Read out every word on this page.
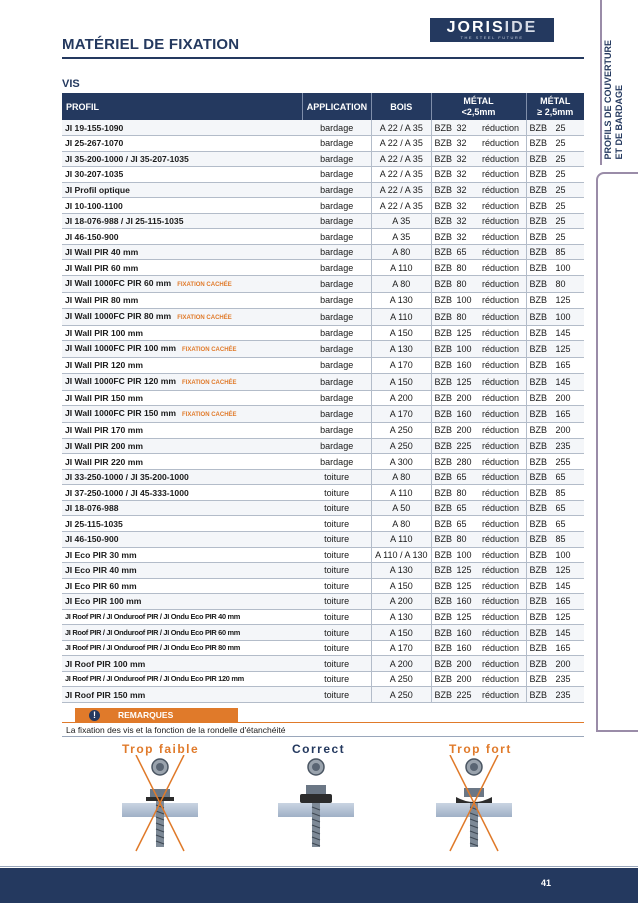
PROFILS DE COUVERTURE
ET DE BARDAGE
JORISIDE
THE STEEL FUTURE
MATÉRIEL DE FIXATION
VIS
PROFIL	APPLICATION	BOIS	MÉTAL
<2,5mm	MÉTAL
≥ 2,5mm
JI 19-155-1090	bardage	A 22 / A 35	BZB 32 réduction	BZB 25

JI 25-267-1070	bardage	A 22 / A 35	BZB 32 réduction	BZB 25

JI 35-200-1000 / JI 35-207-1035	bardage	A 22 / A 35	BZB 32 réduction	BZB 25

JI 30-207-1035	bardage	A 22 / A 35	BZB 32 réduction	BZB 25

JI Profil optique	bardage	A 22 / A 35	BZB 32 réduction	BZB 25

JI 10-100-1100	bardage	A 22 / A 35	BZB 32 réduction	BZB 25

JI 18-076-988 / JI 25-115-1035	bardage	A 35	BZB 32 réduction	BZB 25

JI 46-150-900	bardage	A 35	BZB 32 réduction	BZB 25

JI Wall PIR 40 mm	bardage	A 80	BZB 65 réduction	BZB 85

JI Wall PIR 60 mm	bardage	A 110	BZB 80 réduction	BZB 100

JI Wall 1000FC PIR 60 mm FIXATION CACHÉE	bardage	A 80	BZB 80 réduction	BZB 80

JI Wall PIR 80 mm	bardage	A 130	BZB 100 réduction	BZB 125

JI Wall 1000FC PIR 80 mm FIXATION CACHÉE	bardage	A 110	BZB 80 réduction	BZB 100

JI Wall PIR 100 mm	bardage	A 150	BZB 125 réduction	BZB 145

JI Wall 1000FC PIR 100 mm FIXATION CACHÉE	bardage	A 130	BZB 100 réduction	BZB 125

JI Wall PIR 120 mm	bardage	A 170	BZB 160 réduction	BZB 165

JI Wall 1000FC PIR 120 mm FIXATION CACHÉE	bardage	A 150	BZB 125 réduction	BZB 145

JI Wall PIR 150 mm	bardage	A 200	BZB 200 réduction	BZB 200

JI Wall 1000FC PIR 150 mm FIXATION CACHÉE	bardage	A 170	BZB 160 réduction	BZB 165

JI Wall PIR 170 mm	bardage	A 250	BZB 200 réduction	BZB 200

JI Wall PIR 200 mm	bardage	A 250	BZB 225 réduction	BZB 235

JI Wall PIR 220 mm	bardage	A 300	BZB 280 réduction	BZB 255

JI 33-250-1000 / JI 35-200-1000	toiture	A 80	BZB 65 réduction	BZB 65

JI 37-250-1000 / JI 45-333-1000	toiture	A 110	BZB 80 réduction	BZB 85

JI 18-076-988	toiture	A 50	BZB 65 réduction	BZB 65

JI 25-115-1035	toiture	A 80	BZB 65 réduction	BZB 65

JI 46-150-900	toiture	A 110	BZB 80 réduction	BZB 85

JI Eco PIR 30 mm	toiture	A 110 / A 130	BZB 100 réduction	BZB 100

JI Eco PIR 40 mm	toiture	A 130	BZB 125 réduction	BZB 125

JI Eco PIR 60 mm	toiture	A 150	BZB 125 réduction	BZB 145

JI Eco PIR 100 mm	toiture	A 200	BZB 160 réduction	BZB 165

JI Roof PIR / JI Onduroof PIR / JI Ondu Eco PIR 40 mm	toiture	A 130	BZB 125 réduction	BZB 125

JI Roof PIR / JI Onduroof PIR / JI Ondu Eco PIR 60 mm	toiture	A 150	BZB 160 réduction	BZB 145

JI Roof PIR / JI Onduroof PIR / JI Ondu Eco PIR 80 mm	toiture	A 170	BZB 160 réduction	BZB 165

JI Roof PIR 100 mm	toiture	A 200	BZB 200 réduction	BZB 200

JI Roof PIR / JI Onduroof PIR / JI Ondu Eco PIR 120 mm	toiture	A 250	BZB 200 réduction	BZB 235

JI Roof PIR 150 mm	toiture	A 250	BZB 225 réduction	BZB 235
!	REMARQUES
La fixation des vis et la fonction de la rondelle d'étanchéité
Trop faible	Correct	Trop fort
41
